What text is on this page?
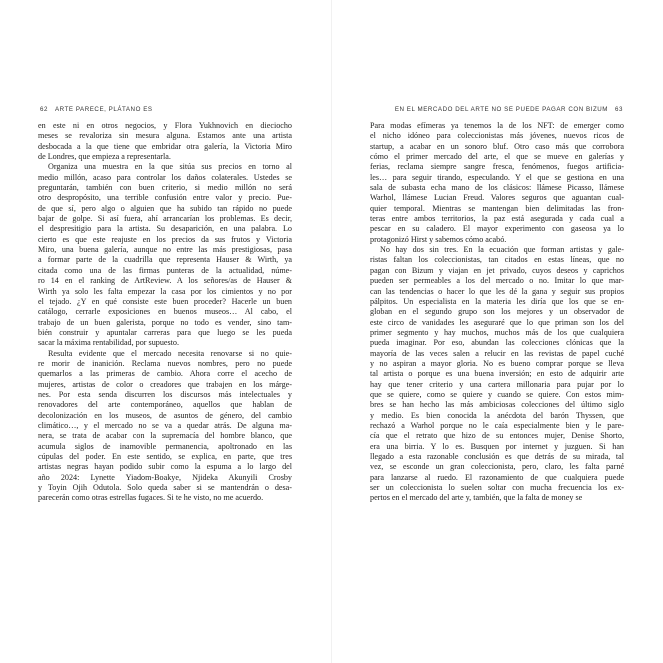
62 ARTE PARECE, PLÁTANO ES
en este ni en otros negocios, y Flora Yukhnovich en dieciocho
meses se revaloriza sin mesura alguna. Estamos ante una artista
desbocada a la que tiene que embridar otra galería, la Victoria Miro
de Londres, que empieza a representarla.
Organiza una muestra en la que sitúa sus precios en torno al
medio millón, acaso para controlar los daños colaterales. Ustedes se
preguntarán, también con buen criterio, si medio millón no será
otro despropósito, una terrible confusión entre valor y precio. Pue-
de que sí, pero algo o alguien que ha subido tan rápido no puede
bajar de golpe. Si así fuera, ahí arrancarían los problemas. Es decir,
el despresitigio para la artista. Su desaparición, en una palabra. Lo
cierto es que este reajuste en los precios da sus frutos y Victoria
Miro, una buena galería, aunque no entre las más prestigiosas, pasa
a formar parte de la cuadrilla que representa Hauser & Wirth, ya
citada como una de las firmas punteras de la actualidad, núme-
ro 14 en el ranking de ArtReview. A los señores/as de Hauser &
Wirth ya solo les falta empezar la casa por los cimientos y no por
el tejado. ¿Y en qué consiste este buen proceder? Hacerle un buen
catálogo, cerrarle exposiciones en buenos museos… Al cabo, el
trabajo de un buen galerista, porque no todo es vender, sino tam-
bién construir y apuntalar carreras para que luego se les pueda
sacar la máxima rentabilidad, por supuesto.
Resulta evidente que el mercado necesita renovarse si no quie-
re morir de inanición. Reclama nuevos nombres, pero no puede
quemarlos a las primeras de cambio. Ahora corre el acecho de
mujeres, artistas de color o creadores que trabajen en los márge-
nes. Por esta senda discurren los discursos más intelectuales y
renovadores del arte contemporáneo, aquellos que hablan de
decolonización en los museos, de asuntos de género, del cambio
climático…, y el mercado no se va a quedar atrás. De alguna ma-
nera, se trata de acabar con la supremacía del hombre blanco, que
acumula siglos de inamovible permanencia, apoltronado en las
cúpulas del poder. En este sentido, se explica, en parte, que tres
artistas negras hayan podido subir como la espuma a lo largo del
año 2024: Lynette Yiadom-Boakye, Njideka Akunyili Crosby
y Toyin Ojih Odutola. Solo queda saber si se mantendrán o desa-
parecerán como otras estrellas fugaces. Si te he visto, no me acuerdo.
EN EL MERCADO DEL ARTE NO SE PUEDE PAGAR CON BIZUM 63
Para modas efímeras ya tenemos la de los NFT: de emerger como
el nicho idóneo para coleccionistas más jóvenes, nuevos ricos de
startup, a acabar en un sonoro bluf. Otro caso más que corrobora
cómo el primer mercado del arte, el que se mueve en galerías y
ferias, reclama siempre sangre fresca, fenómenos, fuegos artificia-
les… para seguir tirando, especulando. Y el que se gestiona en una
sala de subasta echa mano de los clásicos: llámese Picasso, llámese
Warhol, llámese Lucian Freud. Valores seguros que aguantan cual-
quier temporal. Mientras se mantengan bien delimitadas las fron-
teras entre ambos territorios, la paz está asegurada y cada cual a
pescar en su caladero. El mayor experimento con gaseosa ya lo
protagonizó Hirst y sabemos cómo acabó.
No hay dos sin tres. En la ecuación que forman artistas y gale-
ristas faltan los coleccionistas, tan citados en estas líneas, que no
pagan con Bizum y viajan en jet privado, cuyos deseos y caprichos
pueden ser permeables a los del mercado o no. Imitar lo que mar-
can las tendencias o hacer lo que les dé la gana y seguir sus propios
pálpitos. Un especialista en la materia les diría que los que se en-
globan en el segundo grupo son los mejores y un observador de
este circo de vanidades les aseguraré que lo que priman son los del
primer segmento y hay muchos, muchos más de los que cualquiera
pueda imaginar. Por eso, abundan las colecciones clónicas que la
mayoría de las veces salen a relucir en las revistas de papel cuché
y no aspiran a mayor gloria. No es bueno comprar porque se lleva
tal artista o porque es una buena inversión; en esto de adquirir arte
hay que tener criterio y una cartera millonaria para pujar por lo
que se quiere, como se quiere y cuando se quiere. Con estos mim-
bres se han hecho las más ambiciosas colecciones del último siglo
y medio. Es bien conocida la anécdota del barón Thyssen, que
rechazó a Warhol porque no le caía especialmente bien y le pare-
cía que el retrato que hizo de su entonces mujer, Denise Shorto,
era una birria. Y lo es. Busquen por internet y juzguen. Si han
llegado a esta razonable conclusión es que detrás de su mirada, tal
vez, se esconde un gran coleccionista, pero, claro, les falta parné
para lanzarse al ruedo. El razonamiento de que cualquiera puede
ser un coleccionista lo suelen soltar con mucha frecuencia los ex-
pertos en el mercado del arte y, también, que la falta de money se
